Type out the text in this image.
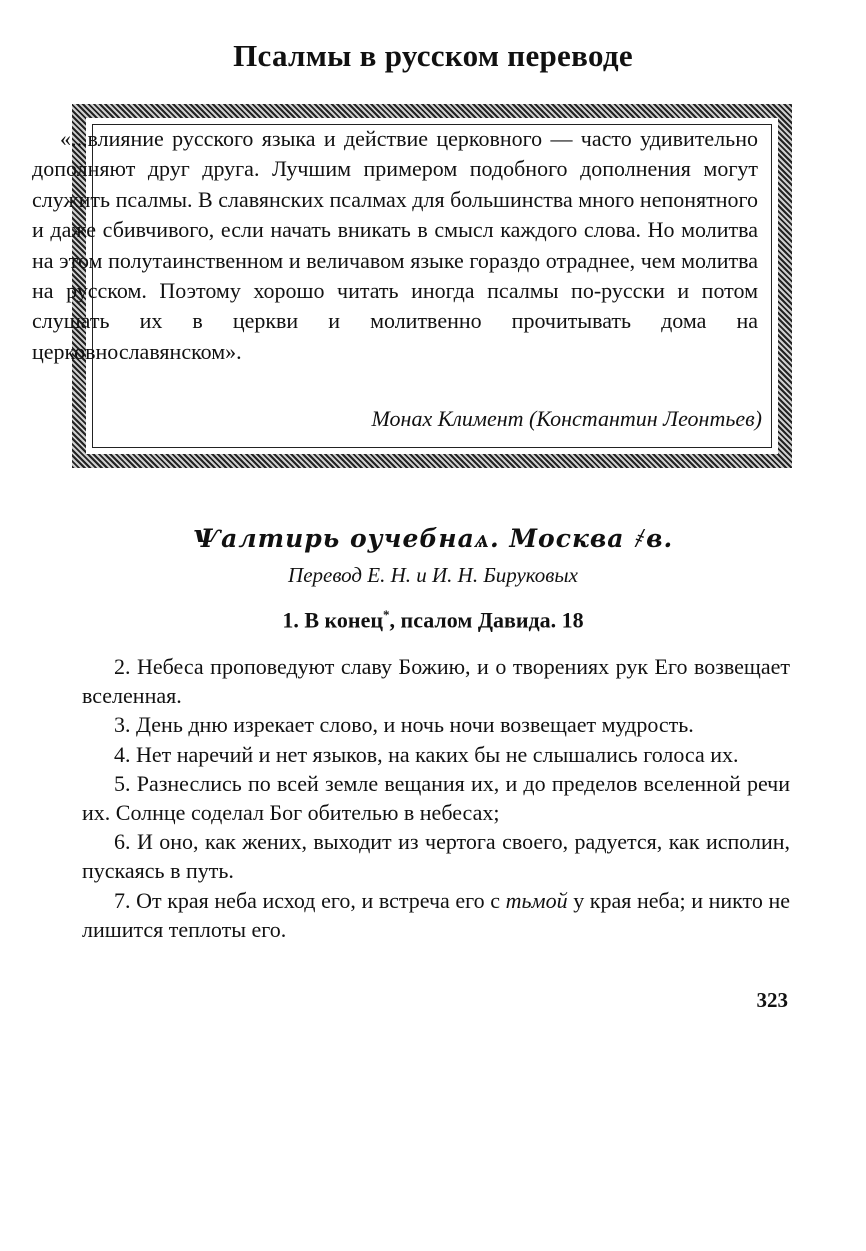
Псалмы в русском переводе

«...влияние русского языка и действие церковного — часто удивительно дополняют друг друга. Лучшим примером подобного дополнения могут служить псалмы. В славянских псалмах для большинства много непонятного и даже сбивчивого, если начать вникать в смысл каждого слова. Но молитва на этом полутаинственном и величавом языке гораздо отраднее, чем молитва на русском. Поэтому хорошо читать иногда псалмы по-русски и потом слушать их в церкви и молитвенно прочитывать дома на церковнославянском».

Монах Климент (Константин Леонтьев)
Ѱалтирь оучебнаѧ. Москва ҂в.
Перевод Е. Н. и И. Н. Бируковых
1. В конец*, псалом Давида. 18

2. Небеса проповедуют славу Божию, и о творениях рук Его возвещает вселенная.

3. День дню изрекает слово, и ночь ночи возвещает мудрость.

4. Нет наречий и нет языков, на каких бы не слышались голоса их.

5. Разнеслись по всей земле вещания их, и до пределов вселенной речи их. Солнце соделал Бог обителью в небесах;

6. И оно, как жених, выходит из чертога своего, радуется, как исполин, пускаясь в путь.

7. От края неба исход его, и встреча его с тьмой у края неба; и никто не лишится теплоты его.

323
